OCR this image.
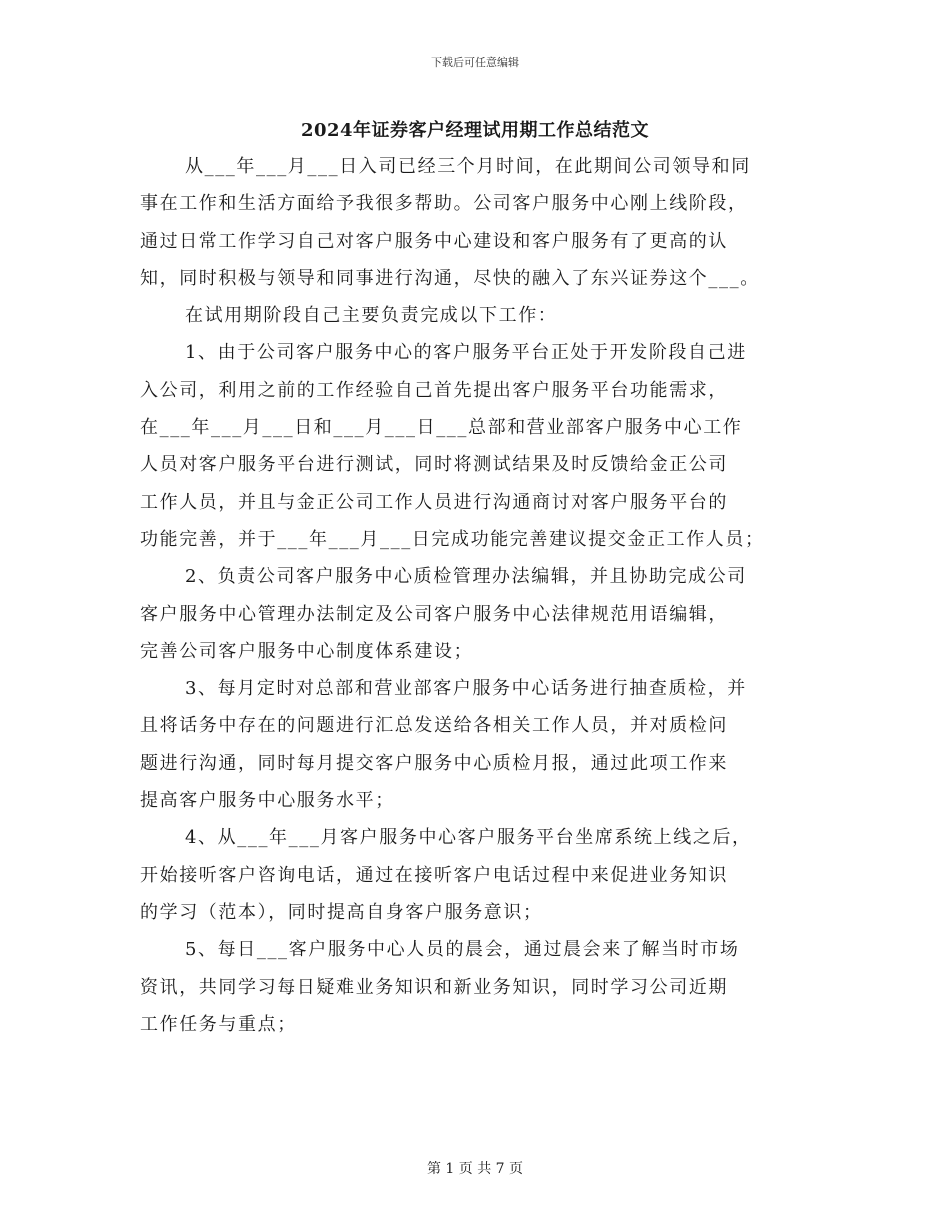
下载后可任意编辑
2024年证券客户经理试用期工作总结范文
从___年___月___日入司已经三个月时间，在此期间公司领导和同
事在工作和生活方面给予我很多帮助。公司客户服务中心刚上线阶段，
通过日常工作学习自己对客户服务中心建设和客户服务有了更高的认
知，同时积极与领导和同事进行沟通，尽快的融入了东兴证券这个___。
在试用期阶段自己主要负责完成以下工作：
1、由于公司客户服务中心的客户服务平台正处于开发阶段自己进
入公司，利用之前的工作经验自己首先提出客户服务平台功能需求，
在___年___月___日和___月___日___总部和营业部客户服务中心工作
人员对客户服务平台进行测试，同时将测试结果及时反馈给金正公司
工作人员，并且与金正公司工作人员进行沟通商讨对客户服务平台的
功能完善，并于___年___月___日完成功能完善建议提交金正工作人员；
2、负责公司客户服务中心质检管理办法编辑，并且协助完成公司
客户服务中心管理办法制定及公司客户服务中心法律规范用语编辑，
完善公司客户服务中心制度体系建设；
3、每月定时对总部和营业部客户服务中心话务进行抽查质检，并
且将话务中存在的问题进行汇总发送给各相关工作人员，并对质检问
题进行沟通，同时每月提交客户服务中心质检月报，通过此项工作来
提高客户服务中心服务水平；
4、从___年___月客户服务中心客户服务平台坐席系统上线之后，
开始接听客户咨询电话，通过在接听客户电话过程中来促进业务知识
的学习（范本），同时提高自身客户服务意识；
5、每日___客户服务中心人员的晨会，通过晨会来了解当时市场
资讯，共同学习每日疑难业务知识和新业务知识，同时学习公司近期
工作任务与重点；
第 1 页 共 7 页
